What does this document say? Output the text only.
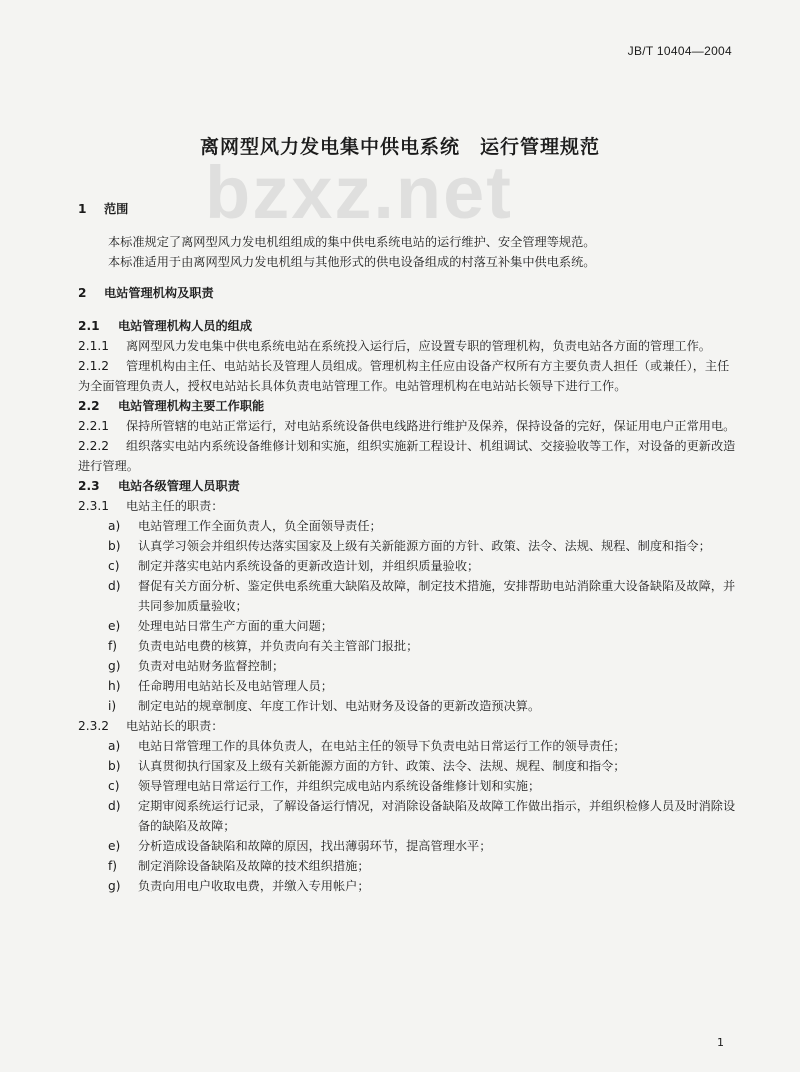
JB/T 10404—2004
离网型风力发电集中供电系统　运行管理规范
bzxz.net
1 范围

本标准规定了离网型风力发电机组组成的集中供电系统电站的运行维护、安全管理等规范。

本标准适用于由离网型风力发电机组与其他形式的供电设备组成的村落互补集中供电系统。

2 电站管理机构及职责

2.1 电站管理机构人员的组成

2.1.1 离网型风力发电集中供电系统电站在系统投入运行后，应设置专职的管理机构，负责电站各方面的管理工作。

2.1.2 管理机构由主任、电站站长及管理人员组成。管理机构主任应由设备产权所有方主要负责人担任（或兼任），主任为全面管理负责人，授权电站站长具体负责电站管理工作。电站管理机构在电站站长领导下进行工作。

2.2 电站管理机构主要工作职能

2.2.1 保持所管辖的电站正常运行，对电站系统设备供电线路进行维护及保养，保持设备的完好，保证用电户正常用电。

2.2.2 组织落实电站内系统设备维修计划和实施，组织实施新工程设计、机组调试、交接验收等工作，对设备的更新改造进行管理。

2.3 电站各级管理人员职责

2.3.1 电站主任的职责：

a) 电站管理工作全面负责人，负全面领导责任；
b) 认真学习领会并组织传达落实国家及上级有关新能源方面的方针、政策、法令、法规、规程、制度和指令；
c) 制定并落实电站内系统设备的更新改造计划，并组织质量验收；
d) 督促有关方面分析、鉴定供电系统重大缺陷及故障，制定技术措施，安排帮助电站消除重大设备缺陷及故障，并共同参加质量验收；
e) 处理电站日常生产方面的重大问题；
f) 负责电站电费的核算，并负责向有关主管部门报批；
g) 负责对电站财务监督控制；
h) 任命聘用电站站长及电站管理人员；
i) 制定电站的规章制度、年度工作计划、电站财务及设备的更新改造预决算。

2.3.2 电站站长的职责：

a) 电站日常管理工作的具体负责人，在电站主任的领导下负责电站日常运行工作的领导责任；
b) 认真贯彻执行国家及上级有关新能源方面的方针、政策、法令、法规、规程、制度和指令；
c) 领导管理电站日常运行工作，并组织完成电站内系统设备维修计划和实施；
d) 定期审阅系统运行记录，了解设备运行情况，对消除设备缺陷及故障工作做出指示，并组织检修人员及时消除设备的缺陷及故障；
e) 分析造成设备缺陷和故障的原因，找出薄弱环节，提高管理水平；
f) 制定消除设备缺陷及故障的技术组织措施；
g) 负责向用电户收取电费，并缴入专用帐户；
1
